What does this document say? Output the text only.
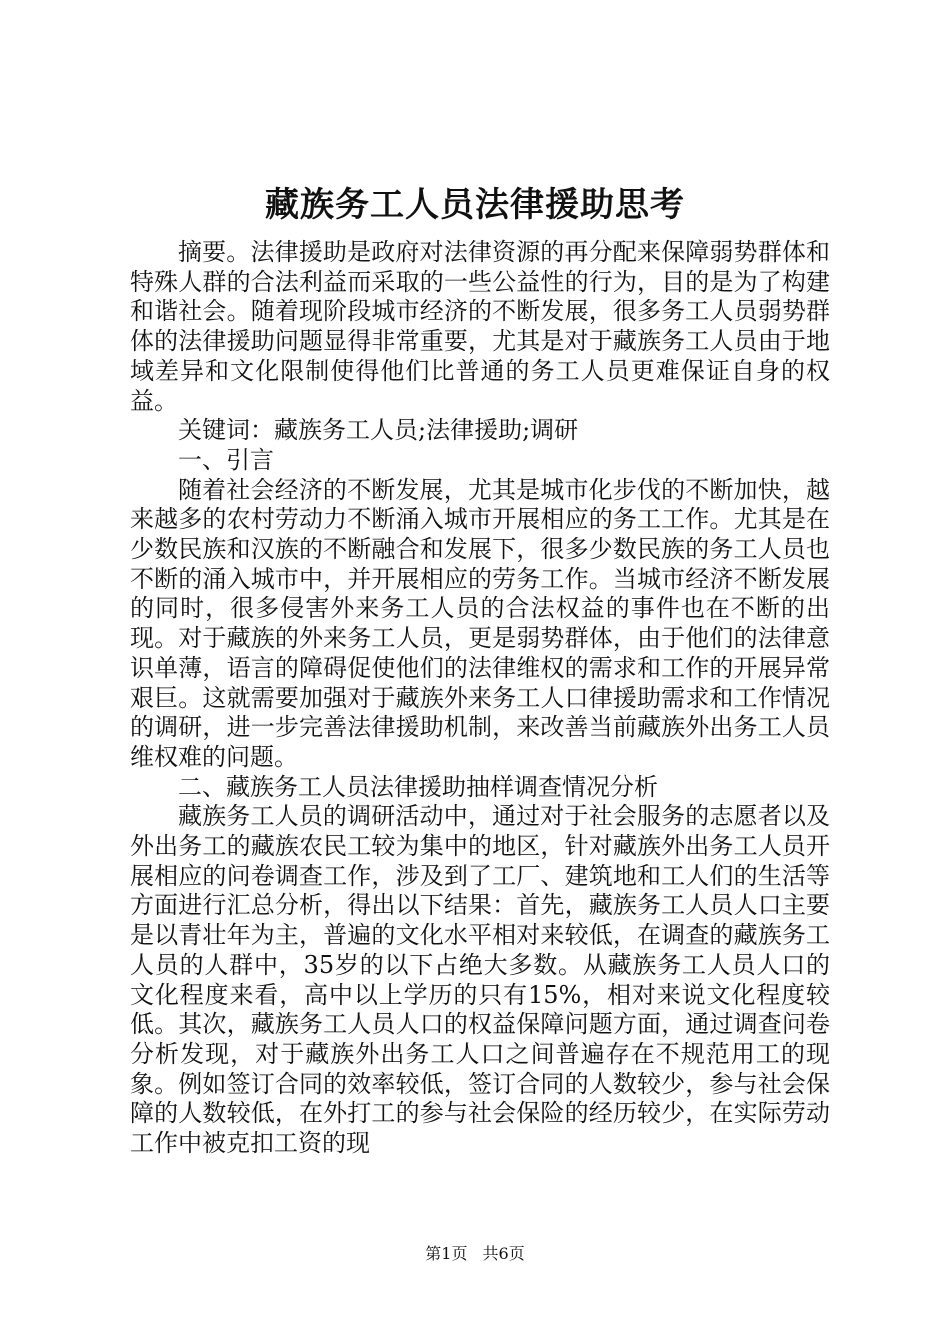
藏族务工人员法律援助思考

摘要。法律援助是政府对法律资源的再分配来保障弱势群体和特殊人群的合法利益而采取的一些公益性的行为，目的是为了构建和谐社会。随着现阶段城市经济的不断发展，很多务工人员弱势群体的法律援助问题显得非常重要，尤其是对于藏族务工人员由于地域差异和文化限制使得他们比普通的务工人员更难保证自身的权益。

关键词：藏族务工人员;法律援助;调研

一、引言

随着社会经济的不断发展，尤其是城市化步伐的不断加快，越来越多的农村劳动力不断涌入城市开展相应的务工工作。尤其是在少数民族和汉族的不断融合和发展下，很多少数民族的务工人员也不断的涌入城市中，并开展相应的劳务工作。当城市经济不断发展的同时，很多侵害外来务工人员的合法权益的事件也在不断的出现。对于藏族的外来务工人员，更是弱势群体，由于他们的法律意识单薄，语言的障碍促使他们的法律维权的需求和工作的开展异常艰巨。这就需要加强对于藏族外来务工人口律援助需求和工作情况的调研，进一步完善法律援助机制，来改善当前藏族外出务工人员维权难的问题。

二、藏族务工人员法律援助抽样调查情况分析

藏族务工人员的调研活动中，通过对于社会服务的志愿者以及外出务工的藏族农民工较为集中的地区，针对藏族外出务工人员开展相应的问卷调查工作，涉及到了工厂、建筑地和工人们的生活等方面进行汇总分析，得出以下结果：首先，藏族务工人员人口主要是以青壮年为主，普遍的文化水平相对来较低，在调查的藏族务工人员的人群中，35岁的以下占绝大多数。从藏族务工人员人口的文化程度来看，高中以上学历的只有15%，相对来说文化程度较低。其次，藏族务工人员人口的权益保障问题方面，通过调查问卷分析发现，对于藏族外出务工人口之间普遍存在不规范用工的现象。例如签订合同的效率较低，签订合同的人数较少，参与社会保障的人数较低，在外打工的参与社会保险的经历较少，在实际劳动工作中被克扣工资的现

第1页 共6页
